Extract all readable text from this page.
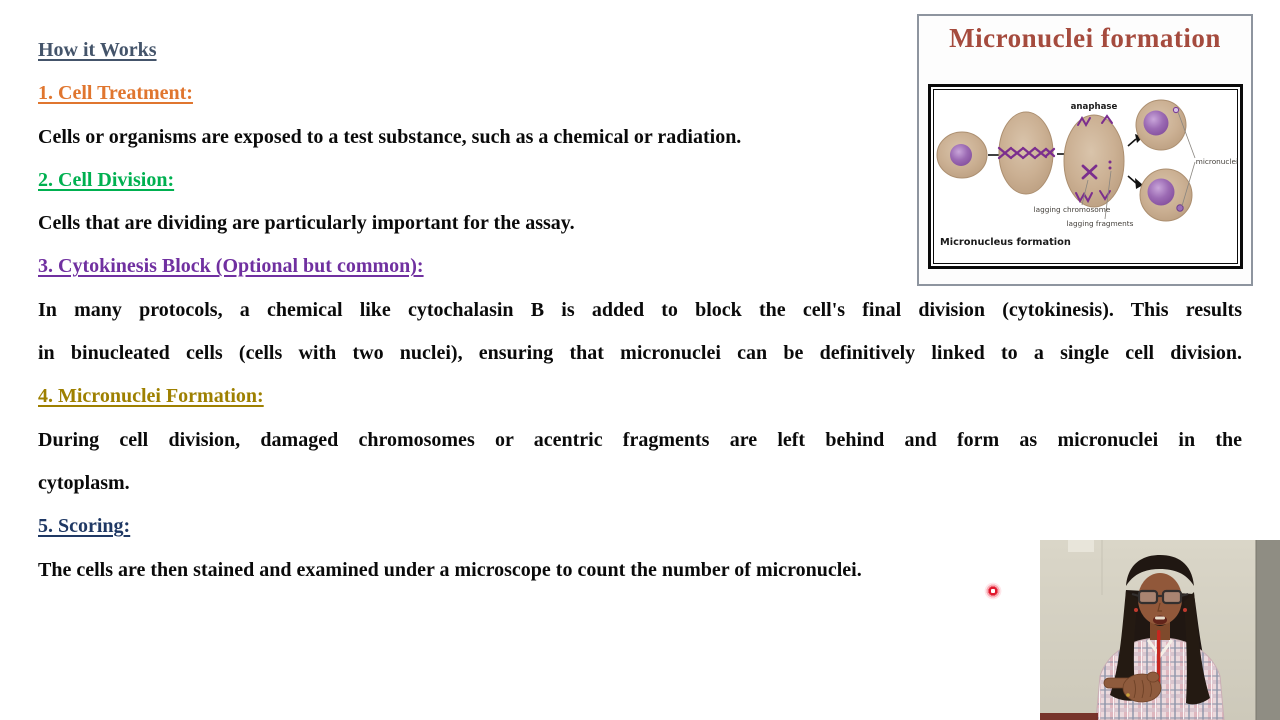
How it Works
1. Cell Treatment:
Cells or organisms are exposed to a test substance, such as a chemical or radiation.
2. Cell Division:
Cells that are dividing are particularly important for the assay.
3. Cytokinesis Block (Optional but common):
In many protocols, a chemical like cytochalasin B is added to block the cell's final division (cytokinesis). This results
in binucleated cells (cells with two nuclei), ensuring that micronuclei can be definitively linked to a single cell division.
4. Micronuclei Formation:
During cell division, damaged chromosomes or acentric fragments are left behind and form as micronuclei in the
cytoplasm.
5. Scoring:
The cells are then stained and examined under a microscope to count the number of micronuclei.
Micronuclei formation
anaphase
micronuclei
lagging chromosome
lagging fragments
Micronucleus formation
